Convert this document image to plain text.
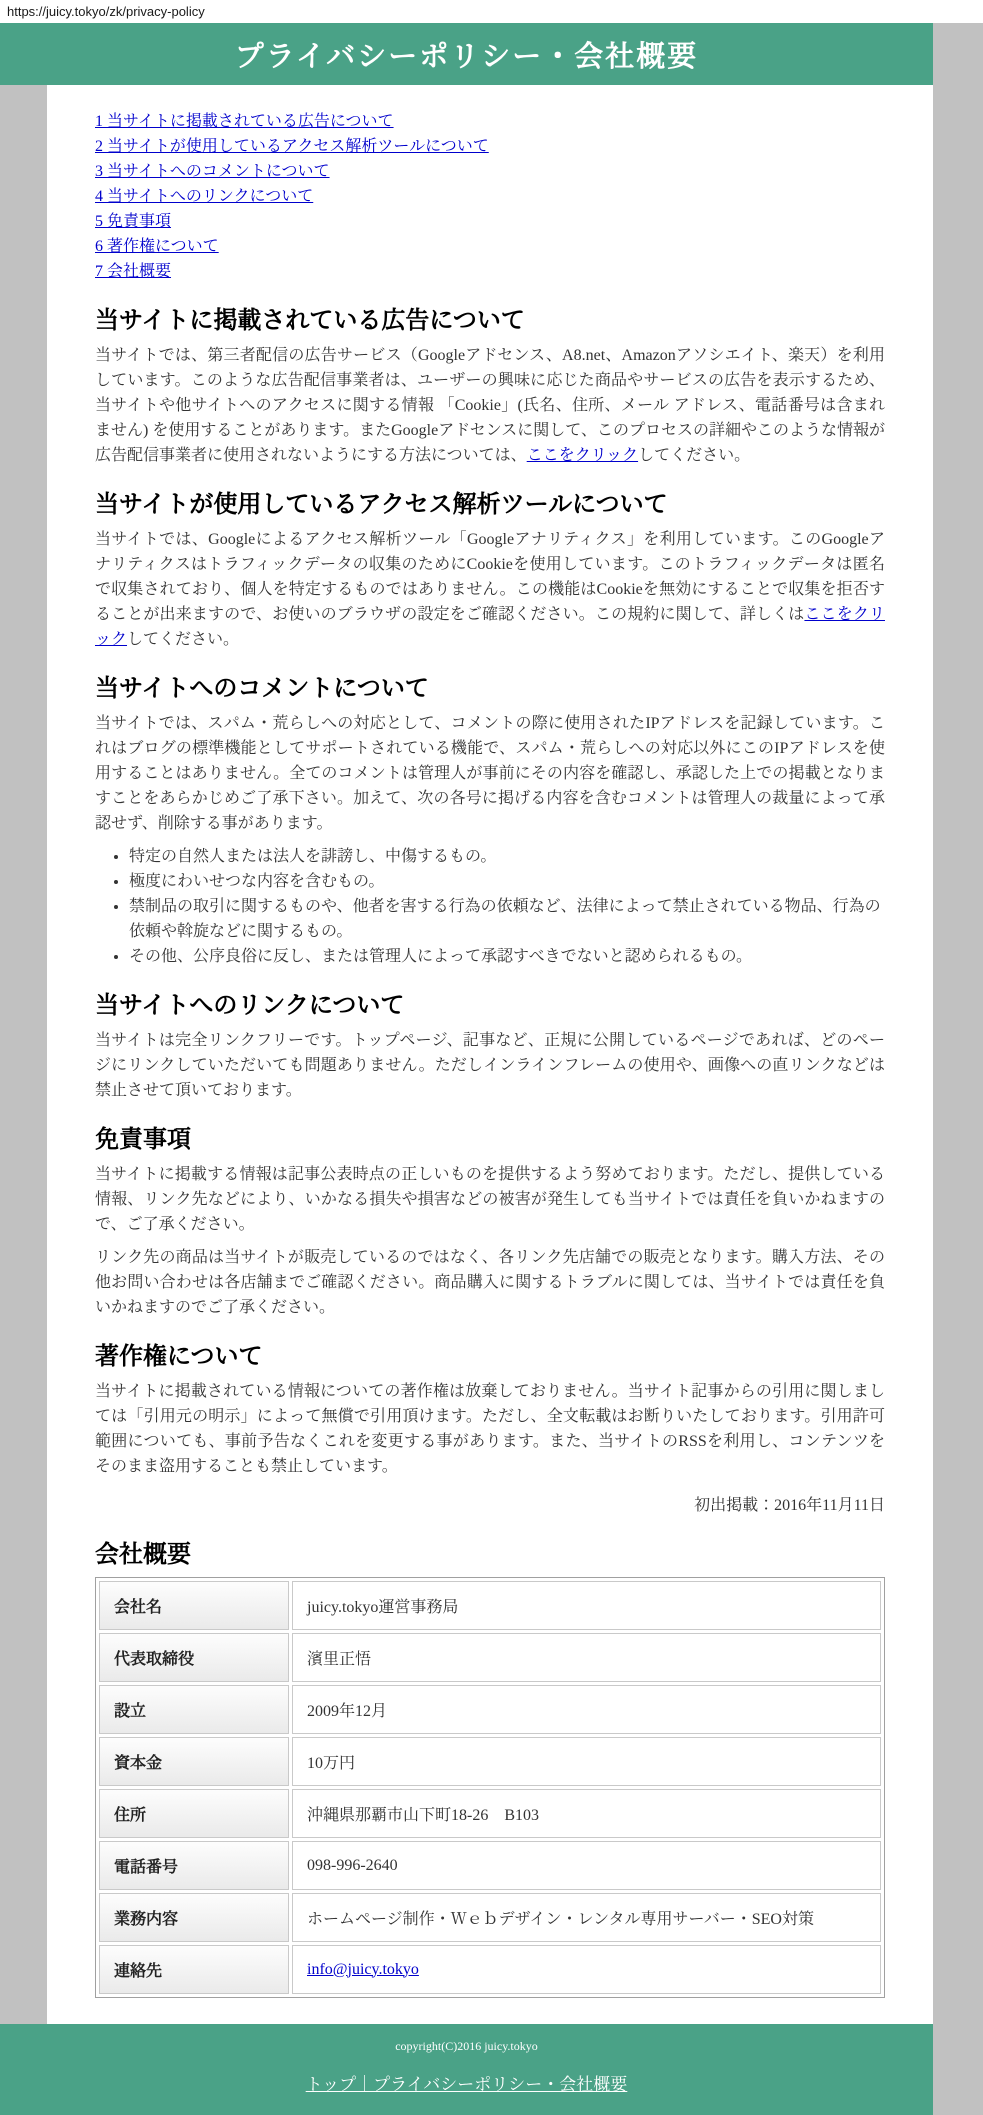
https://juicy.tokyo/zk/privacy-policy
プライバシーポリシー・会社概要
1 当サイトに掲載されている広告について
2 当サイトが使用しているアクセス解析ツールについて
3 当サイトへのコメントについて
4 当サイトへのリンクについて
5 免責事項
6 著作権について
7 会社概要
当サイトに掲載されている広告について

当サイトでは、第三者配信の広告サービス（Googleアドセンス、A8.net、Amazonアソシエイト、楽天）を利用しています。このような広告配信事業者は、ユーザーの興味に応じた商品やサービスの広告を表示するため、当サイトや他サイトへのアクセスに関する情報 「Cookie」(氏名、住所、メール アドレス、電話番号は含まれません) を使用することがあります。またGoogleアドセンスに関して、このプロセスの詳細やこのような情報が広告配信事業者に使用されないようにする方法については、ここをクリックしてください。

当サイトが使用しているアクセス解析ツールについて

当サイトでは、Googleによるアクセス解析ツール「Googleアナリティクス」を利用しています。このGoogleアナリティクスはトラフィックデータの収集のためにCookieを使用しています。このトラフィックデータは匿名で収集されており、個人を特定するものではありません。この機能はCookieを無効にすることで収集を拒否することが出来ますので、お使いのブラウザの設定をご確認ください。この規約に関して、詳しくはここをクリックしてください。

当サイトへのコメントについて

当サイトでは、スパム・荒らしへの対応として、コメントの際に使用されたIPアドレスを記録しています。これはブログの標準機能としてサポートされている機能で、スパム・荒らしへの対応以外にこのIPアドレスを使用することはありません。全てのコメントは管理人が事前にその内容を確認し、承認した上での掲載となりますことをあらかじめご了承下さい。加えて、次の各号に掲げる内容を含むコメントは管理人の裁量によって承認せず、削除する事があります。

• 特定の自然人または法人を誹謗し、中傷するもの。
• 極度にわいせつな内容を含むもの。
• 禁制品の取引に関するものや、他者を害する行為の依頼など、法律によって禁止されている物品、行為の依頼や斡旋などに関するもの。
• その他、公序良俗に反し、または管理人によって承認すべきでないと認められるもの。
当サイトへのリンクについて

当サイトは完全リンクフリーです。トップページ、記事など、正規に公開しているページであれば、どのページにリンクしていただいても問題ありません。ただしインラインフレームの使用や、画像への直リンクなどは禁止させて頂いております。

免責事項

当サイトに掲載する情報は記事公表時点の正しいものを提供するよう努めております。ただし、提供している情報、リンク先などにより、いかなる損失や損害などの被害が発生しても当サイトでは責任を負いかねますので、ご了承ください。

リンク先の商品は当サイトが販売しているのではなく、各リンク先店舗での販売となります。購入方法、その他お問い合わせは各店舗までご確認ください。商品購入に関するトラブルに関しては、当サイトでは責任を負いかねますのでご了承ください。

著作権について

当サイトに掲載されている情報についての著作権は放棄しておりません。当サイト記事からの引用に関しましては「引用元の明示」によって無償で引用頂けます。ただし、全文転載はお断りいたしております。引用許可範囲についても、事前予告なくこれを変更する事があります。また、当サイトのRSSを利用し、コンテンツをそのまま盗用することも禁止しています。

初出掲載：2016年11月11日

会社概要
会社名	juicy.tokyo運営事務局
代表取締役	濱里正悟
設立	2009年12月
資本金	10万円
住所	沖縄県那覇市山下町18-26　B103
電話番号	098-996-2640
業務内容	ホームページ制作・Ｗｅｂデザイン・レンタル専用サーバー・SEO対策
連絡先	info@juicy.tokyo
copyright(C)2016 juicy.tokyo
トップ｜プライバシーポリシー・会社概要
